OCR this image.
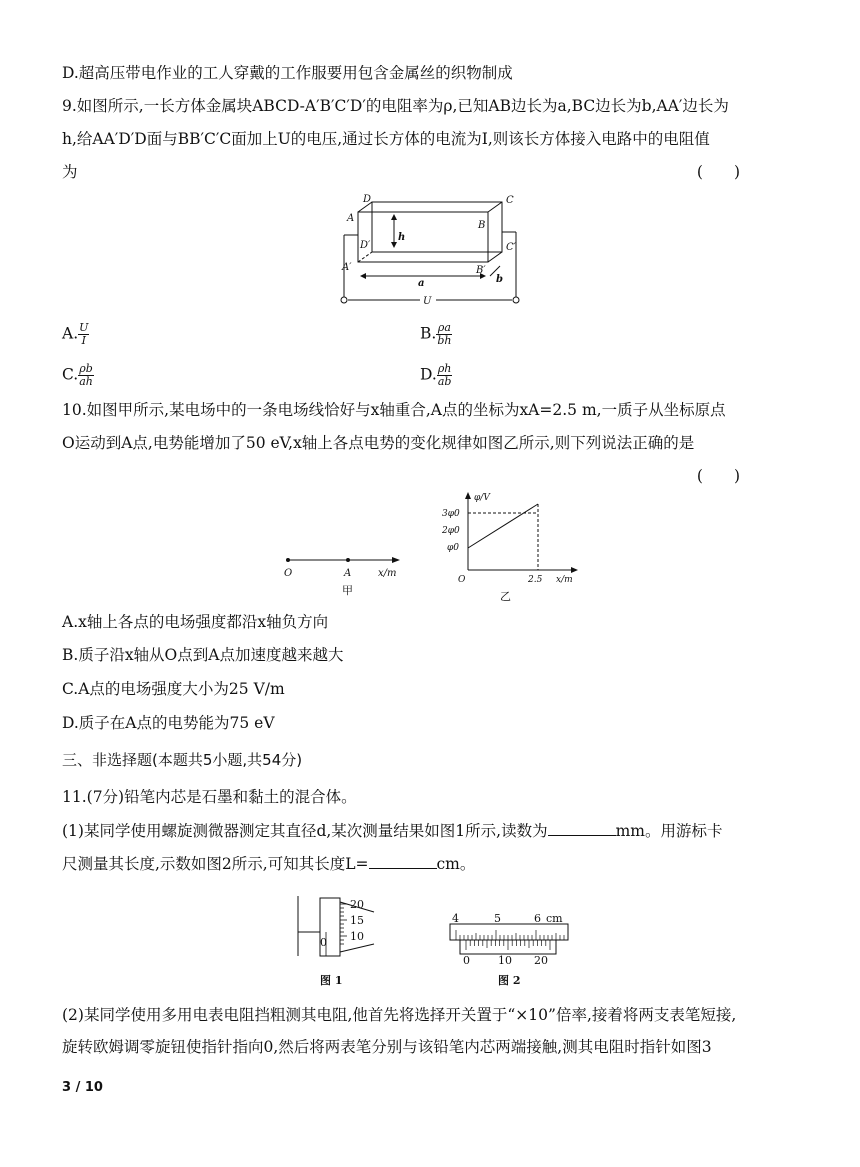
D.超高压带电作业的工人穿戴的工作服要用包含金属丝的织物制成
9.如图所示,一长方体金属块ABCD-A′B′C′D′的电阻率为ρ,已知AB边长为a,BC边长为b,AA′边长为
h,给AA′D′D面与BB′C′C面加上U的电压,通过长方体的电流为I,则该长方体接入电路中的电阻值
为	(　　)
D	C
A
B
D′	C′
A′	B′
h
a	b
U
A. $\frac{U}{I}$	B. $\frac{\rho a}{bh}$
C. $\frac{\rho b}{ah}$	D. $\frac{\rho h}{ab}$
10.如图甲所示,某电场中的一条电场线恰好与x轴重合,A点的坐标为xA=2.5 m,一质子从坐标原点
O运动到A点,电势能增加了50 eV,x轴上各点电势的变化规律如图乙所示,则下列说法正确的是
(　　)
O	A	x/m
甲
φ/V
3φ0
2φ0
φ0
O	2.5 x/m
乙
A.x轴上各点的电场强度都沿x轴负方向
B.质子沿x轴从O点到A点加速度越来越大
C.A点的电场强度大小为25 V/m
D.质子在A点的电势能为75 eV
三、非选择题(本题共5小题,共54分)
11.(7分)铅笔内芯是石墨和黏土的混合体。
(1)某同学使用螺旋测微器测定其直径d,某次测量结果如图1所示,读数为	mm。用游标卡
尺测量其长度,示数如图2所示,可知其长度L=	cm。
20
15
10
0
图 1
4	5	6 cm
0	10 20
图 2
(2)某同学使用多用电表电阻挡粗测其电阻,他首先将选择开关置于“×10”倍率,接着将两支表笔短接,
旋转欧姆调零旋钮使指针指向0,然后将两表笔分别与该铅笔内芯两端接触,测其电阻时指针如图3
3 / 10
